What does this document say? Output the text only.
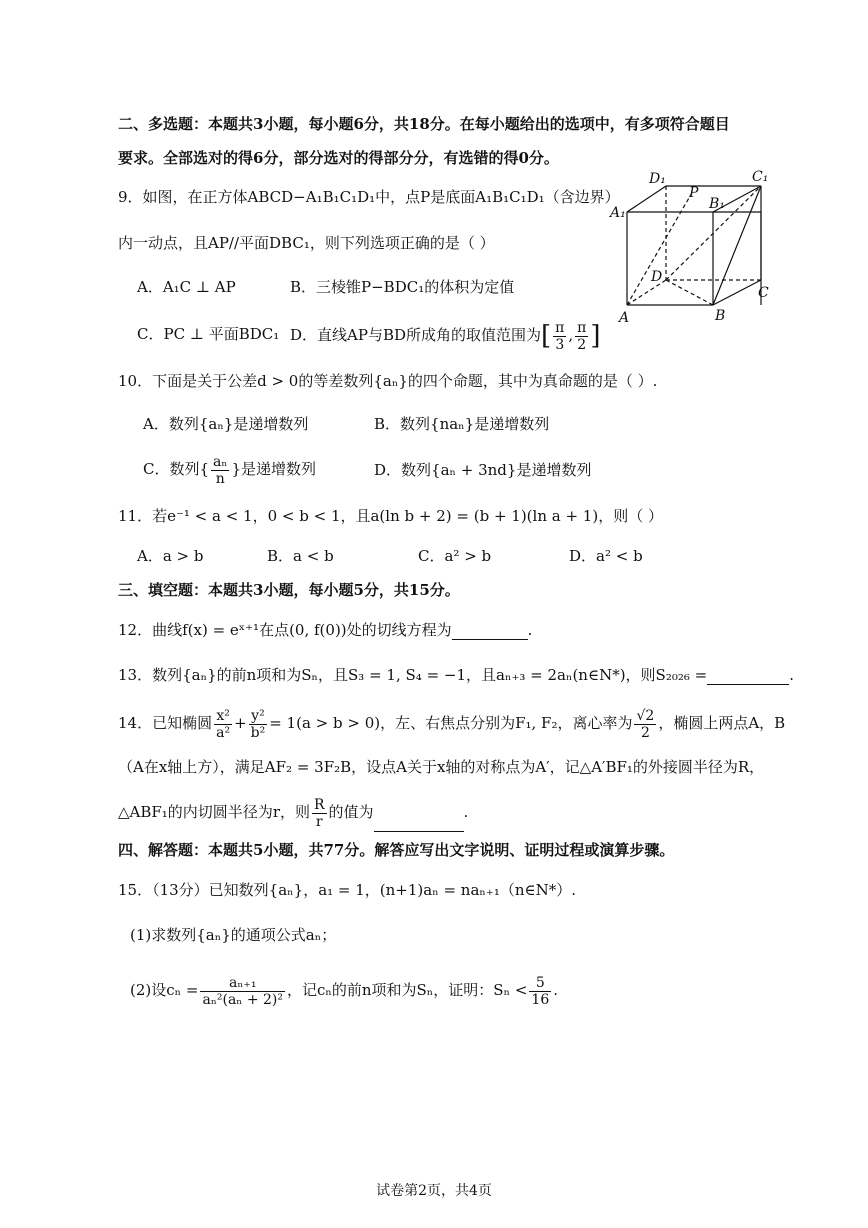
二、多选题：本题共3小题，每小题6分，共18分。在每小题给出的选项中，有多项符合题目
要求。全部选对的得6分，部分选对的得部分分，有选错的得0分。
9．如图，在正方体ABCD−A₁B₁C₁D₁中，点P是底面A₁B₁C₁D₁（含边界）
内一动点，且AP//平面DBC₁，则下列选项正确的是（ ）
A．A₁C ⊥ AP	B．三棱锥P−BDC₁的体积为定值
C．PC ⊥ 平面BDC₁ D．直线AP与BD所成角的取值范围为[ $\frac{\pi}{3}$ , $\frac{\pi}{2}$ ]
D₁	C₁
P
A₁
B₁
D
C
A	B
10．下面是关于公差d > 0的等差数列{aₙ}的四个命题，其中为真命题的是（ ）.
A．数列{aₙ}是递增数列	B．数列{naₙ}是递增数列
C．数列{ $\frac{\text{aₙ}}{n}$ }是递增数列	D．数列{aₙ + 3nd}是递增数列
11．若e⁻¹ < a < 1，0 < b < 1，且a(ln b + 2) = (b + 1)(ln a + 1)，则（ ）
A．a > b	B．a < b	C．a² > b	D．a² < b
三、填空题：本题共3小题，每小题5分，共15分。
12．曲线f(x) = eˣ⁺¹在点(0, f(0))处的切线方程为	.
13．数列{aₙ}的前n项和为Sₙ，且S₃ = 1, S₄ = −1，且aₙ₊₃ = 2aₙ(n∈N*)，则S₂₀₂₆ =	.
14．已知椭圆 $\frac{\text{x²}}{\text{a²}} + \frac{\text{y²}}{\text{b²}} = 1(a > b > 0)$，左、右焦点分别为F₁, F₂，离心率为 $\frac{√2}{2}$ ，椭圆上两点A，B
（A在x轴上方），满足AF₂ = 3F₂B，设点A关于x轴的对称点为A′，记△A′BF₁的外接圆半径为R，
△ABF₁的内切圆半径为r，则 $\frac{R}{r}$ 的值为	.
四、解答题：本题共5小题，共77分。解答应写出文字说明、证明过程或演算步骤。
15．（13分）已知数列{aₙ}，a₁ = 1，(n+1)aₙ = naₙ₊₁（n∈N*）.
(1)求数列{aₙ}的通项公式aₙ；
(2)设$c_n = \frac{\text{aₙ₊₁}}{\text{aₙ²(aₙ + 2)²}}$ ，记cₙ的前n项和为Sₙ，证明：$S_n < \frac{5}{16}$ .
试卷第2页，共4页
